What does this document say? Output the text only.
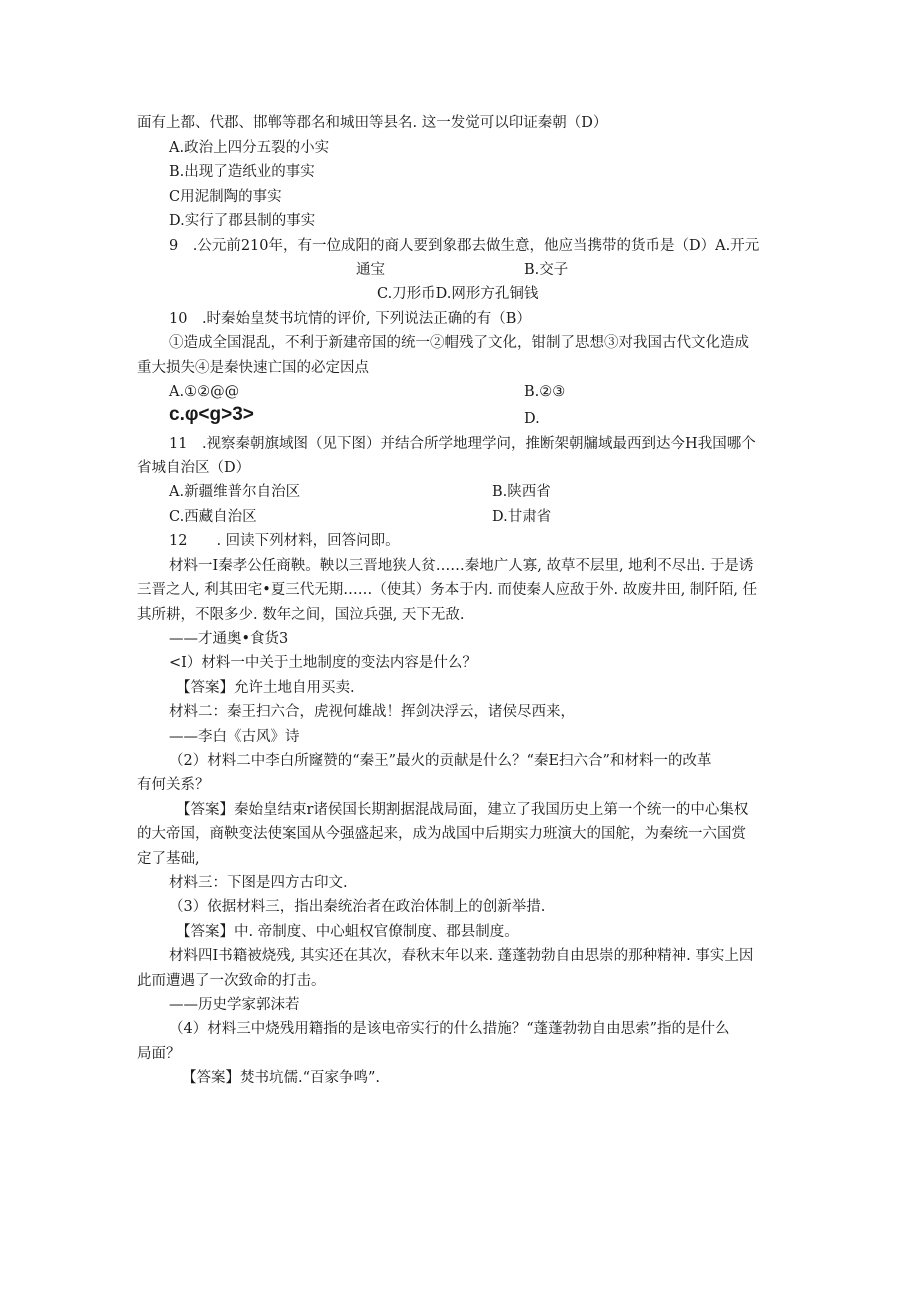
面有上都、代郡、邯郸等郡名和城田等县名. 这一发觉可以印证秦朝（D）
A.政治上四分五裂的小实
B.出现了造纸业的事实
C用泥制陶的事实
D.实行了郡县制的事实
9　.公元前210年，有一位成阳的商人要到象郡去做生意，他应当携带的货币是（D）A.开元
通宝	B.交子
C.刀形币D.网形方孔铜钱
10　.时秦始皇焚书坑情的评价, 下列说法正确的有（B）
①造成全国混乱，不利于新建帝国的统一②帽残了文化，钳制了思想③对我国古代文化造成
重大损失④是秦快速亡国的必定因点
A.①②@@	B.②③
c.φ<g>3>	D.
11　.视察秦朝旗域图（见下图）并结合所学地理学问，推断架朝牖域最西到达今H我国哪个
省城自治区（D）
A.新疆维普尔自治区	B.陕西省
C.西藏自治区	D.甘肃省
12　　. 回读下列材料，回答问即。
材料一I秦孝公任商鞅。鞅以三晋地狭人贫……秦地广人寡, 故草不层里, 地利不尽出. 于是诱
三晋之人, 利其田宅•夏三代无期……（使其）务本于内. 而使秦人应敌于外. 故废井田, 制阡陌, 任
其所耕，不限多少. 数年之间，国泣兵强, 天下无敌.
——才通奥•食货3
<I）材料一中关于土地制度的变法内容是什么？
【答案】允许土地自用买卖.
材料二：秦王扫六合，虎视何雄战！挥剑决浮云，诸侯尽西来，
——李白《古风》诗
（2）材料二中李白所窿赞的“秦王”最火的贡献是什么？“秦E扫六合”和材料一的改革
有何关系？
【答案】秦始皇结束r诸侯国长期割据混战局面，建立了我国历史上第一个统一的中心集权
的大帝国，商鞅变法使案国从今强盛起来，成为战国中后期实力班演大的国舵，为秦统一六国赏
定了基础,
材料三：下图是四方古印文.
（3）依据材料三，指出秦统治者在政治体制上的创新举措.
【答案】中. 帝制度、中心蛆权官僚制度、郡县制度。
材料四I书籍被烧残, 其实还在其次，春秋末年以来. 蓬蓬勃勃自由思崇的那种精神. 事实上因
此而遭遇了一次致命的打击。
——历史学家郭沫若
（4）材料三中烧残用籍指的是该电帝实行的什么措施？“蓬蓬勃勃自由思索”指的是什么
局面？
【答案】焚书坑儒.“百家争鸣”.
